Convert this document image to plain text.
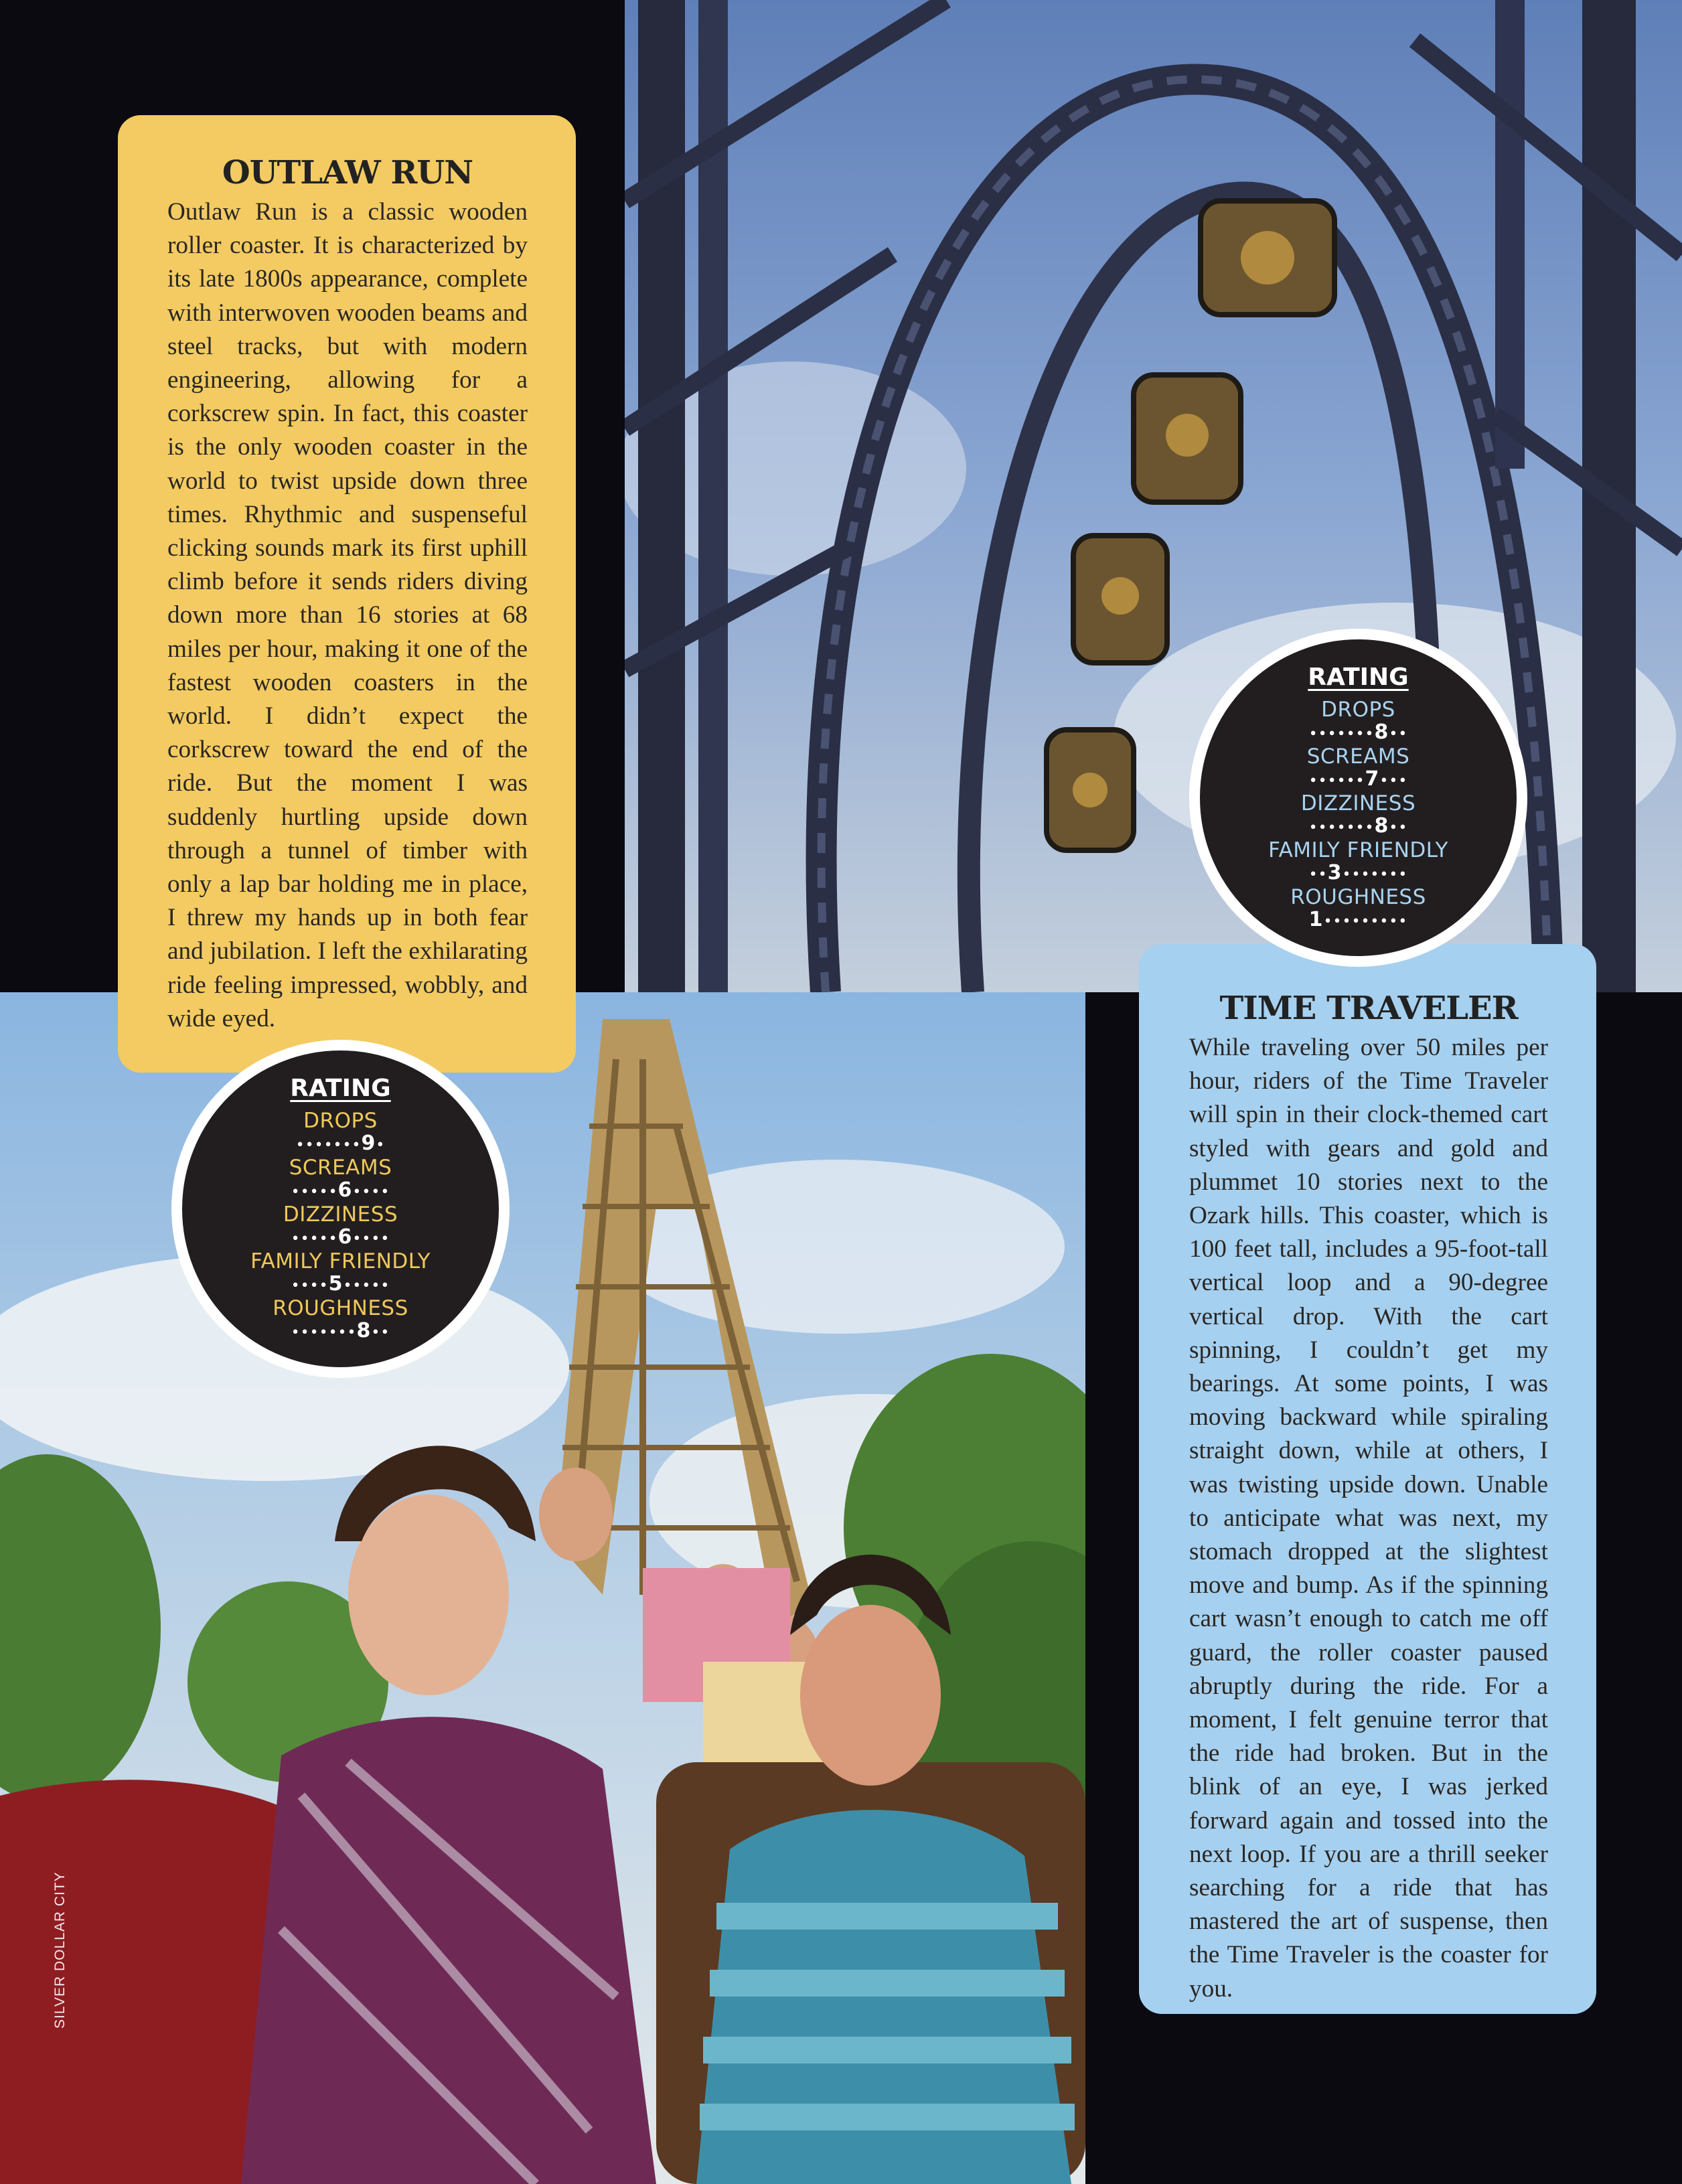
OUTLAW RUN

Outlaw Run is a classic wooden roller coaster. It is characterized by its late 1800s appearance, complete with interwoven wooden beams and steel tracks, but with modern engineering, allowing for a corkscrew spin. In fact, this coaster is the only wooden coaster in the world to twist upside down three times. Rhythmic and suspenseful clicking sounds mark its first uphill climb before it sends riders diving down more than 16 stories at 68 miles per hour, making it one of the fastest wooden coasters in the world. I didn’t expect the corkscrew toward the end of the ride. But the moment I was suddenly hurtling upside down through a tunnel of timber with only a lap bar holding me in place, I threw my hands up in both fear and jubilation. I left the exhilarating ride feeling impressed, wobbly, and wide eyed.	TIME TRAVELER

While traveling over 50 miles per hour, riders of the Time Traveler will spin in their clock-themed cart styled with gears and gold and plummet 10 stories next to the Ozark hills. This coaster, which is 100 feet tall, includes a 95-foot-tall vertical loop and a 90-degree vertical drop. With the cart spinning, I couldn’t get my bearings. At some points, I was moving backward while spiraling straight down, while at others, I was twisting upside down. Unable to anticipate what was next, my stomach dropped at the slightest move and bump. As if the spinning cart wasn’t enough to catch me off guard, the roller coaster paused abruptly during the ride. For a moment, I felt genuine terror that the ride had broken. But in the blink of an eye, I was jerked forward again and tossed into the next loop. If you are a thrill seeker searching for a ride that has mastered the art of suspense, then the Time Traveler is the coaster for you.

RATING
DROPS
•••••••9•
SCREAMS
•••••6••••
DIZZINESS
•••••6••••
FAMILY FRIENDLY
••••5•••••
ROUGHNESS
•••••••8••
RATING
DROPS
•••••••8••
SCREAMS
••••••7•••
DIZZINESS
•••••••8••
FAMILY FRIENDLY
••3•••••••
ROUGHNESS
1•••••••••
SILVER DOLLAR CITY
